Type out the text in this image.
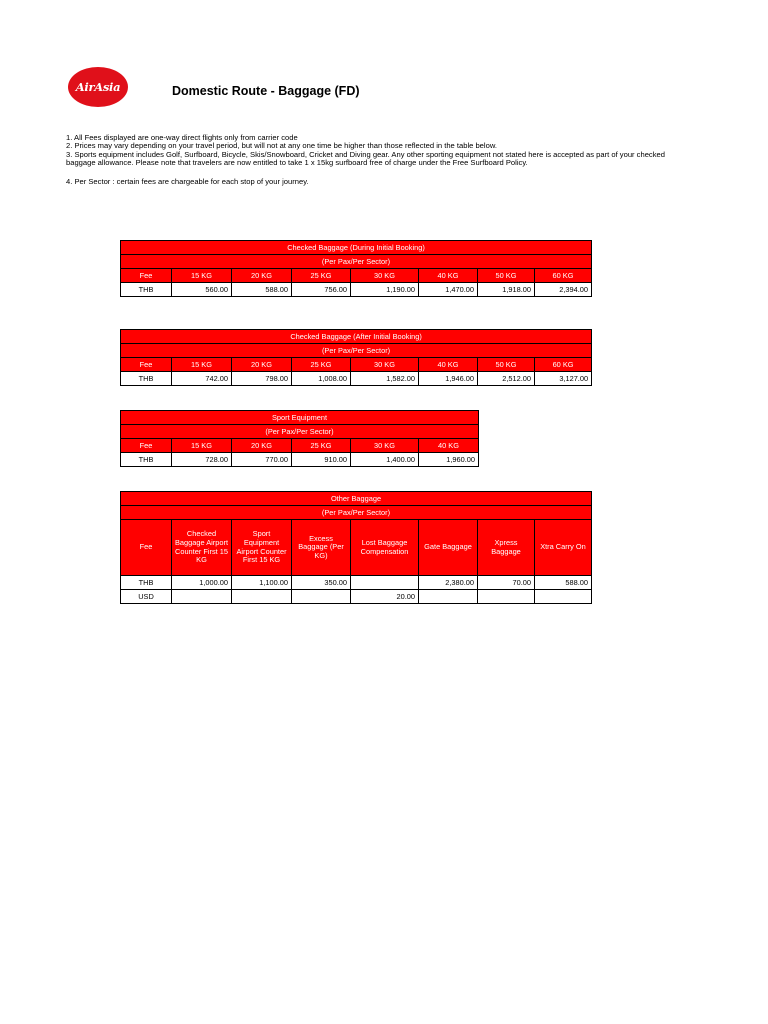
AirAsia	Domestic Route - Baggage (FD)
1. All Fees displayed are one-way direct flights only from carrier code
2. Prices may vary depending on your travel period, but will not at any one time be higher than those reflected in the table below.
3. Sports equipment includes Golf, Surfboard, Bicycle, Skis/Snowboard, Cricket and Diving gear. Any other sporting equipment not stated here is accepted as part of your checked baggage allowance. Please note that travelers are now entitled to take 1 x 15kg surfboard free of charge under the Free Surfboard Policy.
4. Per Sector : certain fees are chargeable for each stop of your journey.
Checked Baggage (During Initial Booking)							
(Per Pax/Per Sector)							
Fee	15 KG	20 KG	25 KG	30 KG	40 KG	50 KG	60 KG
THB	560.00	588.00	756.00	1,190.00	1,470.00	1,918.00	2,394.00
Checked Baggage (After Initial Booking)							
(Per Pax/Per Sector)							
Fee	15 KG	20 KG	25 KG	30 KG	40 KG	50 KG	60 KG
THB	742.00	798.00	1,008.00	1,582.00	1,946.00	2,512.00	3,127.00
Sport Equipment					
(Per Pax/Per Sector)					
Fee	15 KG	20 KG	25 KG	30 KG	40 KG
THB	728.00	770.00	910.00	1,400.00	1,960.00
Other Baggage							
(Per Pax/Per Sector)							
Fee	Checked Baggage Airport Counter First 15 KG	Sport Equipment Airport Counter First 15 KG	Excess Baggage (Per KG)	Lost Baggage Compensation	Gate Baggage	Xpress Baggage	Xtra Carry On
THB	1,000.00	1,100.00	350.00		2,380.00	70.00	588.00
USD				20.00			
